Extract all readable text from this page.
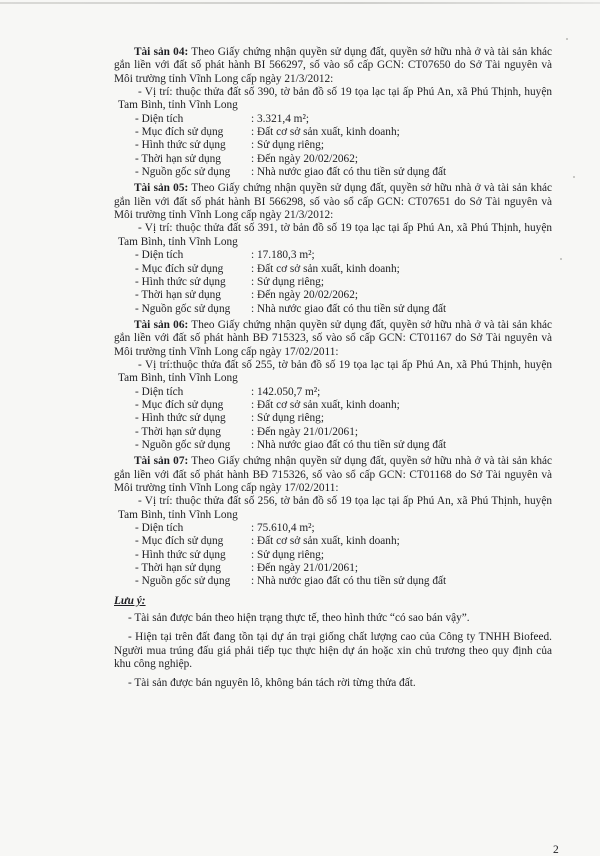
Tài sản 04: Theo Giấy chứng nhận quyền sử dụng đất, quyền sở hữu nhà ở và tài sản khác gắn liền với đất số phát hành BI 566297, số vào sổ cấp GCN: CT07650 do Sở Tài nguyên và Môi trường tỉnh Vĩnh Long cấp ngày 21/3/2012:

- Vị trí: thuộc thửa đất số 390, tờ bản đồ số 19 tọa lạc tại ấp Phú An, xã Phú Thịnh, huyện Tam Bình, tỉnh Vĩnh Long

- Diện tích	: 3.321,4 m²;
- Mục đích sử dụng	: Đất cơ sở sản xuất, kinh doanh;
- Hình thức sử dụng	: Sử dụng riêng;
- Thời hạn sử dụng	: Đến ngày 20/02/2062;
- Nguồn gốc sử dụng	: Nhà nước giao đất có thu tiền sử dụng đất

Tài sản 05: Theo Giấy chứng nhận quyền sử dụng đất, quyền sở hữu nhà ở và tài sản khác gắn liền với đất số phát hành BI 566298, số vào sổ cấp GCN: CT07651 do Sở Tài nguyên và Môi trường tỉnh Vĩnh Long cấp ngày 21/3/2012:

- Vị trí: thuộc thửa đất số 391, tờ bản đồ số 19 tọa lạc tại ấp Phú An, xã Phú Thịnh, huyện Tam Bình, tỉnh Vĩnh Long

- Diện tích	: 17.180,3 m²;
- Mục đích sử dụng	: Đất cơ sở sản xuất, kinh doanh;
- Hình thức sử dụng	: Sử dụng riêng;
- Thời hạn sử dụng	: Đến ngày 20/02/2062;
- Nguồn gốc sử dụng	: Nhà nước giao đất có thu tiền sử dụng đất

Tài sản 06: Theo Giấy chứng nhận quyền sử dụng đất, quyền sở hữu nhà ở và tài sản khác gắn liền với đất số phát hành BĐ 715323, số vào sổ cấp GCN: CT01167 do Sở Tài nguyên và Môi trường tỉnh Vĩnh Long cấp ngày 17/02/2011:

- Vị trí:thuộc thửa đất số 255, tờ bản đồ số 19 tọa lạc tại ấp Phú An, xã Phú Thịnh, huyện Tam Bình, tỉnh Vĩnh Long

- Diện tích	: 142.050,7 m²;
- Mục đích sử dụng	: Đất cơ sở sản xuất, kinh doanh;
- Hình thức sử dụng	: Sử dụng riêng;
- Thời hạn sử dụng	: Đến ngày 21/01/2061;
- Nguồn gốc sử dụng	: Nhà nước giao đất có thu tiền sử dụng đất

Tài sản 07: Theo Giấy chứng nhận quyền sử dụng đất, quyền sở hữu nhà ở và tài sản khác gắn liền với đất số phát hành BĐ 715326, số vào sổ cấp GCN: CT01168 do Sở Tài nguyên và Môi trường tỉnh Vĩnh Long cấp ngày 17/02/2011:

- Vị trí: thuộc thửa đất số 256, tờ bản đồ số 19 tọa lạc tại ấp Phú An, xã Phú Thịnh, huyện Tam Bình, tỉnh Vĩnh Long

- Diện tích	: 75.610,4 m²;
- Mục đích sử dụng	: Đất cơ sở sản xuất, kinh doanh;
- Hình thức sử dụng	: Sử dụng riêng;
- Thời hạn sử dụng	: Đến ngày 21/01/2061;
- Nguồn gốc sử dụng	: Nhà nước giao đất có thu tiền sử dụng đất
Lưu ý:

- Tài sản được bán theo hiện trạng thực tế, theo hình thức “có sao bán vậy”.

- Hiện tại trên đất đang tồn tại dự án trại giống chất lượng cao của Công ty TNHH Biofeed. Người mua trúng đấu giá phải tiếp tục thực hiện dự án hoặc xin chủ trương theo quy định của khu công nghiệp.

- Tài sản được bán nguyên lô, không bán tách rời từng thửa đất.

2
